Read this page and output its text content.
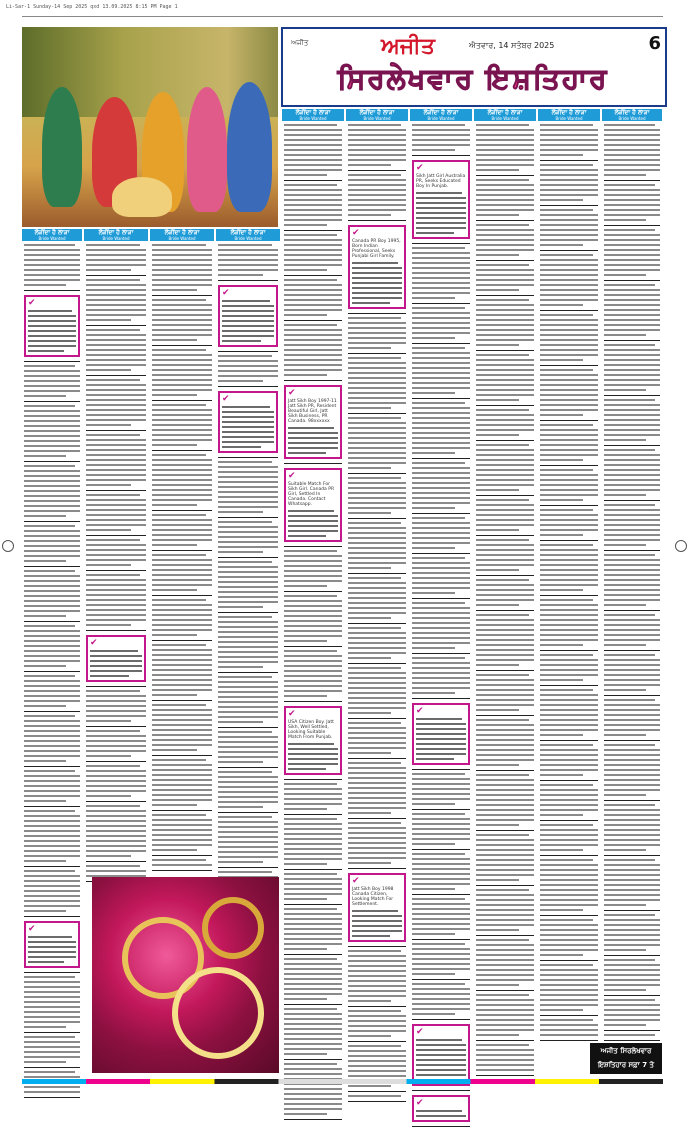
Li-Sar-1 Sunday-14 Sep 2025 qxd 13.09.2025 8:15 PM Page 1
ਅਜੀਤ	ਅਜੀਤ	ਐਤਵਾਰ, 14 ਸਤੰਬਰ 2025	6
ਸਿਰਲੇਖਵਾਰ ਇਸ਼ਤਿਹਾਰ
ਲੋੜੀਂਦਾ ਹੈ ਲਾੜਾ
Bride Wanted
✔
✔
ਲੋੜੀਂਦਾ ਹੈ ਲਾੜਾ
Bride Wanted
✔
ਲੋੜੀਂਦਾ ਹੈ ਲਾੜਾ
Bride Wanted
ਲੋੜੀਂਦਾ ਹੈ ਲਾੜਾ
Bride Wanted
✔
✔
ਲੋੜੀਂਦਾ ਹੈ ਲਾੜਾ
Bride Wanted
✔
Jatt Sikh Boy 1997-11 Jatt Sikh PR, Resident Beautiful Girl, Jatt Sikh Business, PR Canada. 98xxxxxx
✔
Suitable Match For Sikh Girl. Canada PR Girl, Settled In Canada. Contact Whatsapp.
✔
USA Citizen Boy. Jatt Sikh, Well Settled, Looking Suitable Match From Punjab.
ਲੋੜੀਂਦਾ ਹੈ ਲਾੜਾ
Bride Wanted
✔
Canada PR Boy 1995, Born Indian Professional, Seeks Punjabi Girl Family.
✔
Jatt Sikh Boy 1998 Canada Citizen, Looking Match For Settlement.
ਲੋੜੀਂਦਾ ਹੈ ਲਾੜਾ
Bride Wanted
✔
Sikh Jatt Girl Australia PR, Seeks Educated Boy In Punjab.
✔
✔
✔
ਲੋੜੀਂਦਾ ਹੈ ਲਾੜਾ
Bride Wanted
ਲੋੜੀਂਦਾ ਹੈ ਲਾੜਾ
Bride Wanted
ਲੋੜੀਂਦਾ ਹੈ ਲਾੜਾ
Bride Wanted
ਅਜੀਤ ਸਿਰਲੇਖਵਾਰ ਇਸ਼ਤਿਹਾਰ ਸਫ਼ਾ 7 ਤੇ
